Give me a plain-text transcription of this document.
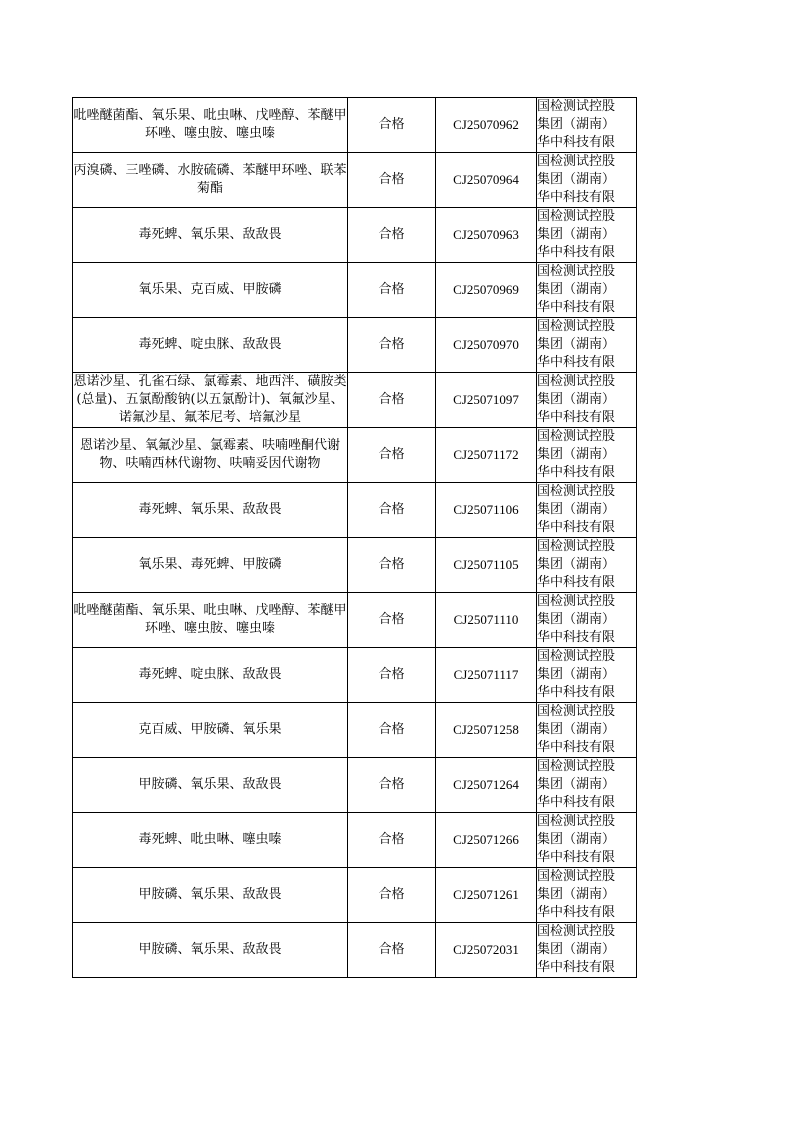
吡唑醚菌酯、氧乐果、吡虫啉、戊唑醇、苯醚甲环唑、噻虫胺、噻虫嗪	合格	CJ25070962	国检测试控股
集团（湖南）
华中科技有限
丙溴磷、三唑磷、水胺硫磷、苯醚甲环唑、联苯菊酯	合格	CJ25070964	国检测试控股
集团（湖南）
华中科技有限
毒死蜱、氧乐果、敌敌畏	合格	CJ25070963	国检测试控股
集团（湖南）
华中科技有限
氧乐果、克百威、甲胺磷	合格	CJ25070969	国检测试控股
集团（湖南）
华中科技有限
毒死蜱、啶虫脒、敌敌畏	合格	CJ25070970	国检测试控股
集团（湖南）
华中科技有限
恩诺沙星、孔雀石绿、氯霉素、地西泮、磺胺类(总量)、五氯酚酸钠(以五氯酚计)、氧氟沙星、诺氟沙星、氟苯尼考、培氟沙星	合格	CJ25071097	国检测试控股
集团（湖南）
华中科技有限
恩诺沙星、氧氟沙星、氯霉素、呋喃唑酮代谢物、呋喃西林代谢物、呋喃妥因代谢物	合格	CJ25071172	国检测试控股
集团（湖南）
华中科技有限
毒死蜱、氧乐果、敌敌畏	合格	CJ25071106	国检测试控股
集团（湖南）
华中科技有限
氧乐果、毒死蜱、甲胺磷	合格	CJ25071105	国检测试控股
集团（湖南）
华中科技有限
吡唑醚菌酯、氧乐果、吡虫啉、戊唑醇、苯醚甲环唑、噻虫胺、噻虫嗪	合格	CJ25071110	国检测试控股
集团（湖南）
华中科技有限
毒死蜱、啶虫脒、敌敌畏	合格	CJ25071117	国检测试控股
集团（湖南）
华中科技有限
克百威、甲胺磷、氧乐果	合格	CJ25071258	国检测试控股
集团（湖南）
华中科技有限
甲胺磷、氧乐果、敌敌畏	合格	CJ25071264	国检测试控股
集团（湖南）
华中科技有限
毒死蜱、吡虫啉、噻虫嗪	合格	CJ25071266	国检测试控股
集团（湖南）
华中科技有限
甲胺磷、氧乐果、敌敌畏	合格	CJ25071261	国检测试控股
集团（湖南）
华中科技有限
甲胺磷、氧乐果、敌敌畏	合格	CJ25072031	国检测试控股
集团（湖南）
华中科技有限
